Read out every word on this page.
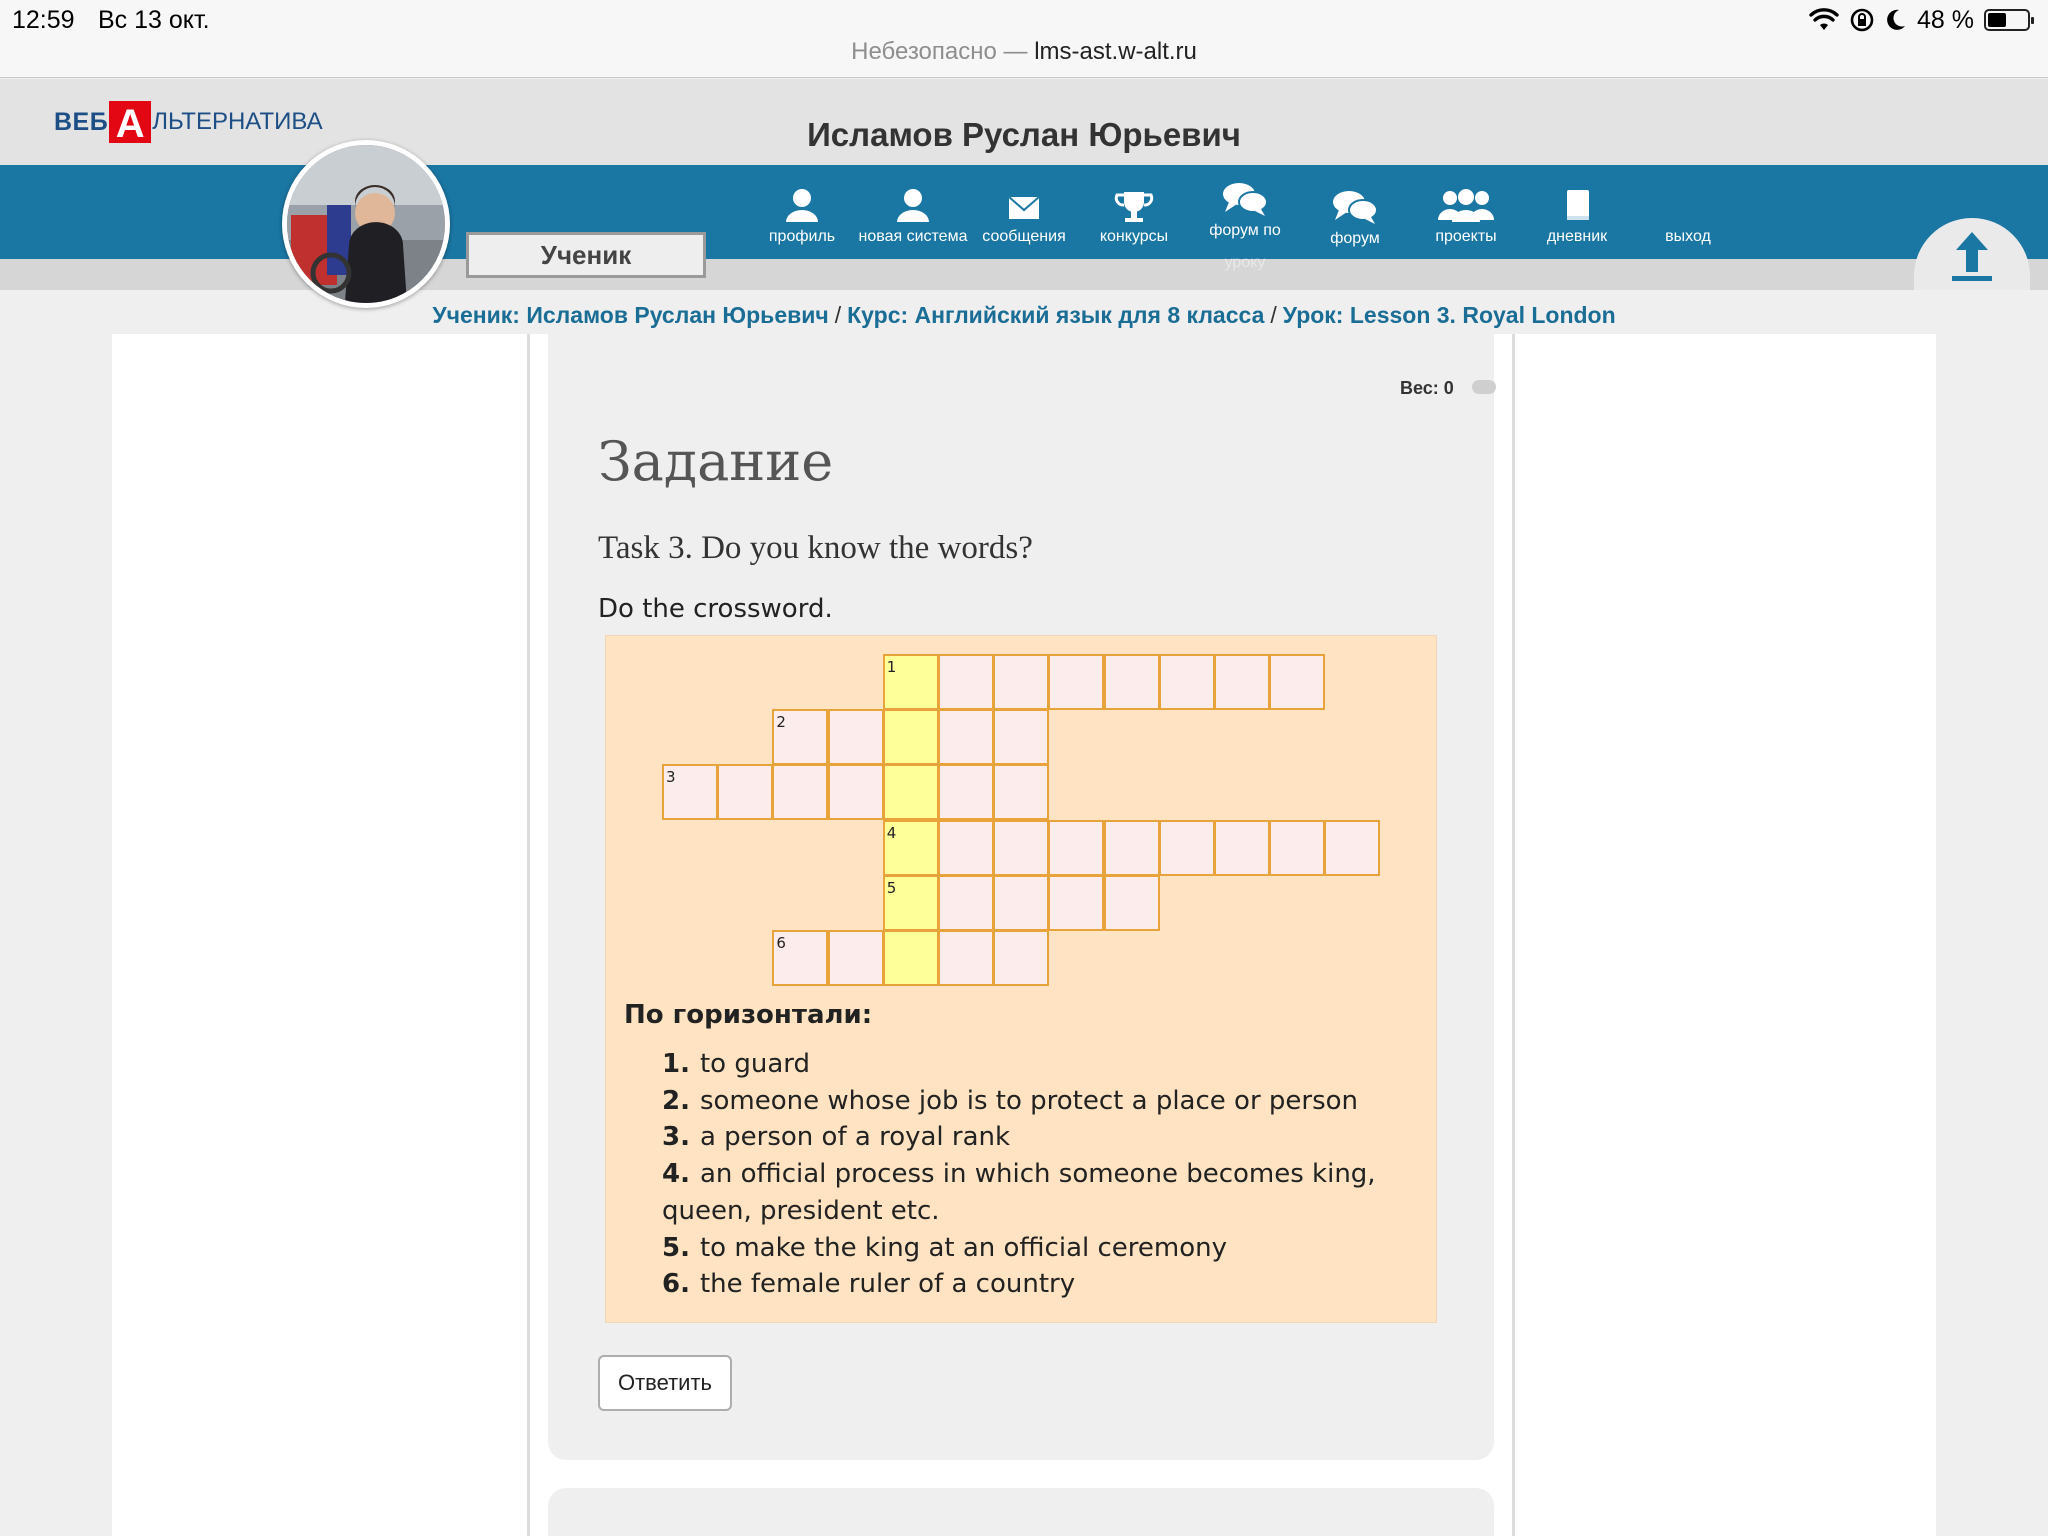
12:59 Вс 13 окт.	48 %
Небезопасно — lms-ast.w-alt.ru
ВЕБ А ЛЬТЕРНАТИВА	Исламов Руслан Юрьевич
Ученик
профиль	новая система сообщения	конкурсы	форум по
уроку
форум	проекты	дневник	выход
Ученик: Исламов Руслан Юрьевич / Курс: Английский язык для 8 класса / Урок: Lesson 3. Royal London
Вес: 0
Задание
Task 3. Do you know the words?
Do the crossword.
1
2
3
4
5
6
По горизонтали:
1. to guard
2. someone whose job is to protect a place or person
3. a person of a royal rank
4. an official process in which someone becomes king, queen, president etc.
5. to make the king at an official ceremony
6. the female ruler of a country
Ответить
